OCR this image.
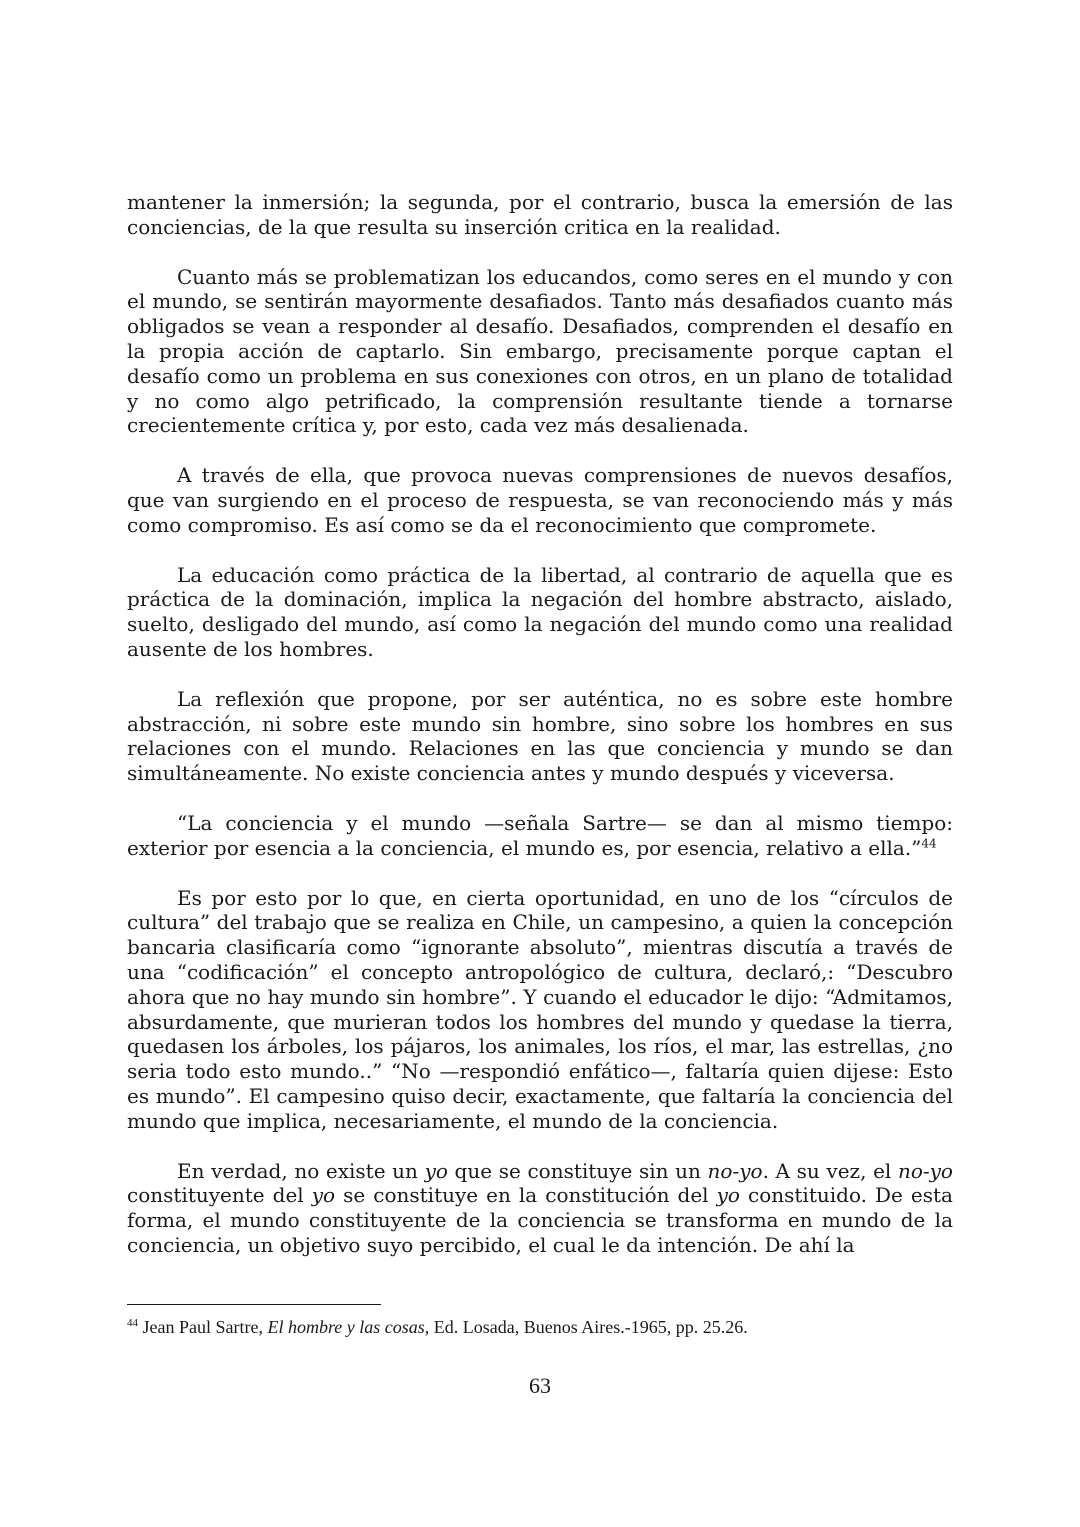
mantener la inmersión; la segunda, por el contrario, busca la emersión de las conciencias, de la que resulta su inserción critica en la realidad.

Cuanto más se problematizan los educandos, como seres en el mundo y con el mundo, se sentirán mayormente desafiados. Tanto más desafiados cuanto más obligados se vean a responder al desafío. Desafiados, comprenden el desafío en la propia acción de captarlo. Sin embargo, precisamente porque captan el desafío como un problema en sus conexiones con otros, en un plano de totalidad y no como algo petrificado, la comprensión resultante tiende a tornarse crecientemente crítica y, por esto, cada vez más desalienada.

A través de ella, que provoca nuevas comprensiones de nuevos desafíos, que van surgiendo en el proceso de respuesta, se van reconociendo más y más como compromiso. Es así como se da el reconocimiento que compromete.

La educación como práctica de la libertad, al contrario de aquella que es práctica de la dominación, implica la negación del hombre abstracto, aislado, suelto, desligado del mundo, así como la negación del mundo como una realidad ausente de los hombres.

La reflexión que propone, por ser auténtica, no es sobre este hombre abstracción, ni sobre este mundo sin hombre, sino sobre los hombres en sus relaciones con el mundo. Relaciones en las que conciencia y mundo se dan simultáneamente. No existe conciencia antes y mundo después y viceversa.

“La conciencia y el mundo —señala Sartre— se dan al mismo tiempo: exterior por esencia a la conciencia, el mundo es, por esencia, relativo a ella.”$^{44}$

Es por esto por lo que, en cierta oportunidad, en uno de los “círculos de cultura” del trabajo que se realiza en Chile, un campesino, a quien la concepción bancaria clasificaría como “ignorante absoluto”, mientras discutía a través de una “codificación” el concepto antropológico de cultura, declaró,: “Descubro ahora que no hay mundo sin hombre”. Y cuando el educador le dijo: “Admitamos, absurdamente, que murieran todos los hombres del mundo y quedase la tierra, quedasen los árboles, los pájaros, los animales, los ríos, el mar, las estrellas, ¿no seria todo esto mundo..” “No —respondió enfático—, faltaría quien dijese: Esto es mundo”. El campesino quiso decir, exactamente, que faltaría la conciencia del mundo que implica, necesariamente, el mundo de la conciencia.

En verdad, no existe un yo que se constituye sin un no-yo. A su vez, el no-yo constituyente del yo se constituye en la constitución del yo constituido. De esta forma, el mundo constituyente de la conciencia se transforma en mundo de la conciencia, un objetivo suyo percibido, el cual le da intención. De ahí la

$^{44}$ Jean Paul Sartre, El hombre y las cosas, Ed. Losada, Buenos Aires.-1965, pp. 25.26.
63
